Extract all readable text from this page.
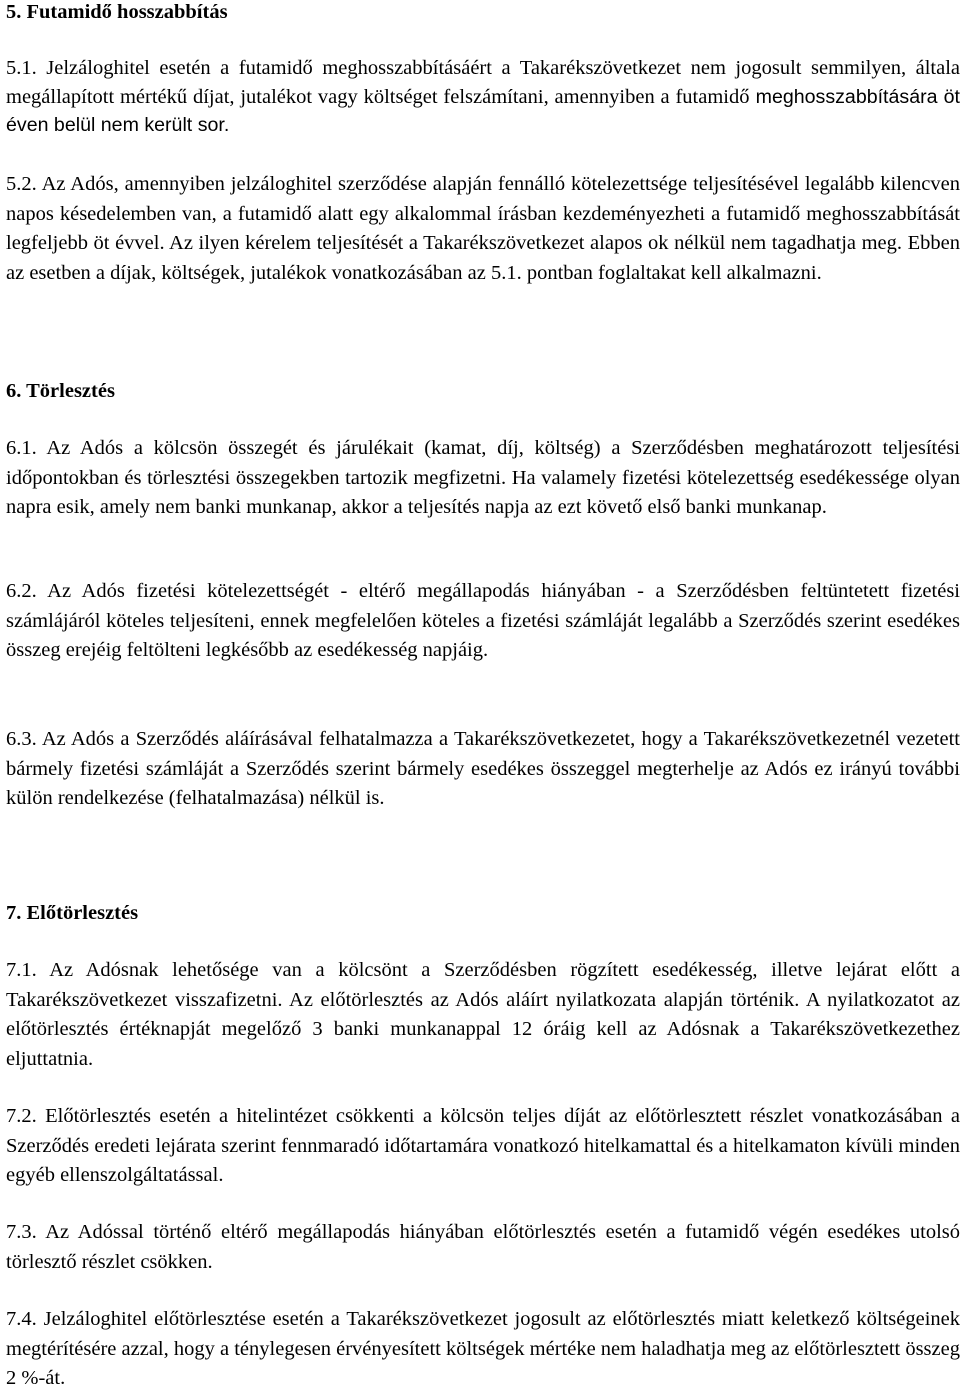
5. Futamidő hosszabbítás

5.1. Jelzáloghitel esetén a futamidő meghosszabbításáért a Takarékszövetkezet nem jogosult semmilyen, általa megállapított mértékű díjat, jutalékot vagy költséget felszámítani, amennyiben a futamidő meghosszabbítására öt éven belül nem került sor.

5.2. Az Adós, amennyiben jelzáloghitel szerződése alapján fennálló kötelezettsége teljesítésével legalább kilencven napos késedelemben van, a futamidő alatt egy alkalommal írásban kezdeményezheti a futamidő meghosszabbítását legfeljebb öt évvel. Az ilyen kérelem teljesítését a Takarékszövetkezet alapos ok nélkül nem tagadhatja meg. Ebben az esetben a díjak, költségek, jutalékok vonatkozásában az 5.1. pontban foglaltakat kell alkalmazni.

6. Törlesztés

6.1. Az Adós a kölcsön összegét és járulékait (kamat, díj, költség) a Szerződésben meghatározott teljesítési időpontokban és törlesztési összegekben tartozik megfizetni. Ha valamely fizetési kötelezettség esedékessége olyan napra esik, amely nem banki munkanap, akkor a teljesítés napja az ezt követő első banki munkanap.

6.2. Az Adós fizetési kötelezettségét - eltérő megállapodás hiányában - a Szerződésben feltüntetett fizetési számlájáról köteles teljesíteni, ennek megfelelően köteles a fizetési számláját legalább a Szerződés szerint esedékes összeg erejéig feltölteni legkésőbb az esedékesség napjáig.

6.3. Az Adós a Szerződés aláírásával felhatalmazza a Takarékszövetkezetet, hogy a Takarékszövetkezetnél vezetett bármely fizetési számláját a Szerződés szerint bármely esedékes összeggel megterhelje az Adós ez irányú további külön rendelkezése (felhatalmazása) nélkül is.

7. Előtörlesztés

7.1. Az Adósnak lehetősége van a kölcsönt a Szerződésben rögzített esedékesség, illetve lejárat előtt a Takarékszövetkezet visszafizetni. Az előtörlesztés az Adós aláírt nyilatkozata alapján történik. A nyilatkozatot az előtörlesztés értéknapját megelőző 3 banki munkanappal 12 óráig kell az Adósnak a Takarékszövetkezethez eljuttatnia.

7.2. Előtörlesztés esetén a hitelintézet csökkenti a kölcsön teljes díját az előtörlesztett részlet vonatkozásában a Szerződés eredeti lejárata szerint fennmaradó időtartamára vonatkozó hitelkamattal és a hitelkamaton kívüli minden egyéb ellenszolgáltatással.

7.3. Az Adóssal történő eltérő megállapodás hiányában előtörlesztés esetén a futamidő végén esedékes utolsó törlesztő részlet csökken.

7.4. Jelzáloghitel előtörlesztése esetén a Takarékszövetkezet jogosult az előtörlesztés miatt keletkező költségeinek megtérítésére azzal, hogy a ténylegesen érvényesített költségek mértéke nem haladhatja meg az előtörlesztett összeg 2 %-át.
